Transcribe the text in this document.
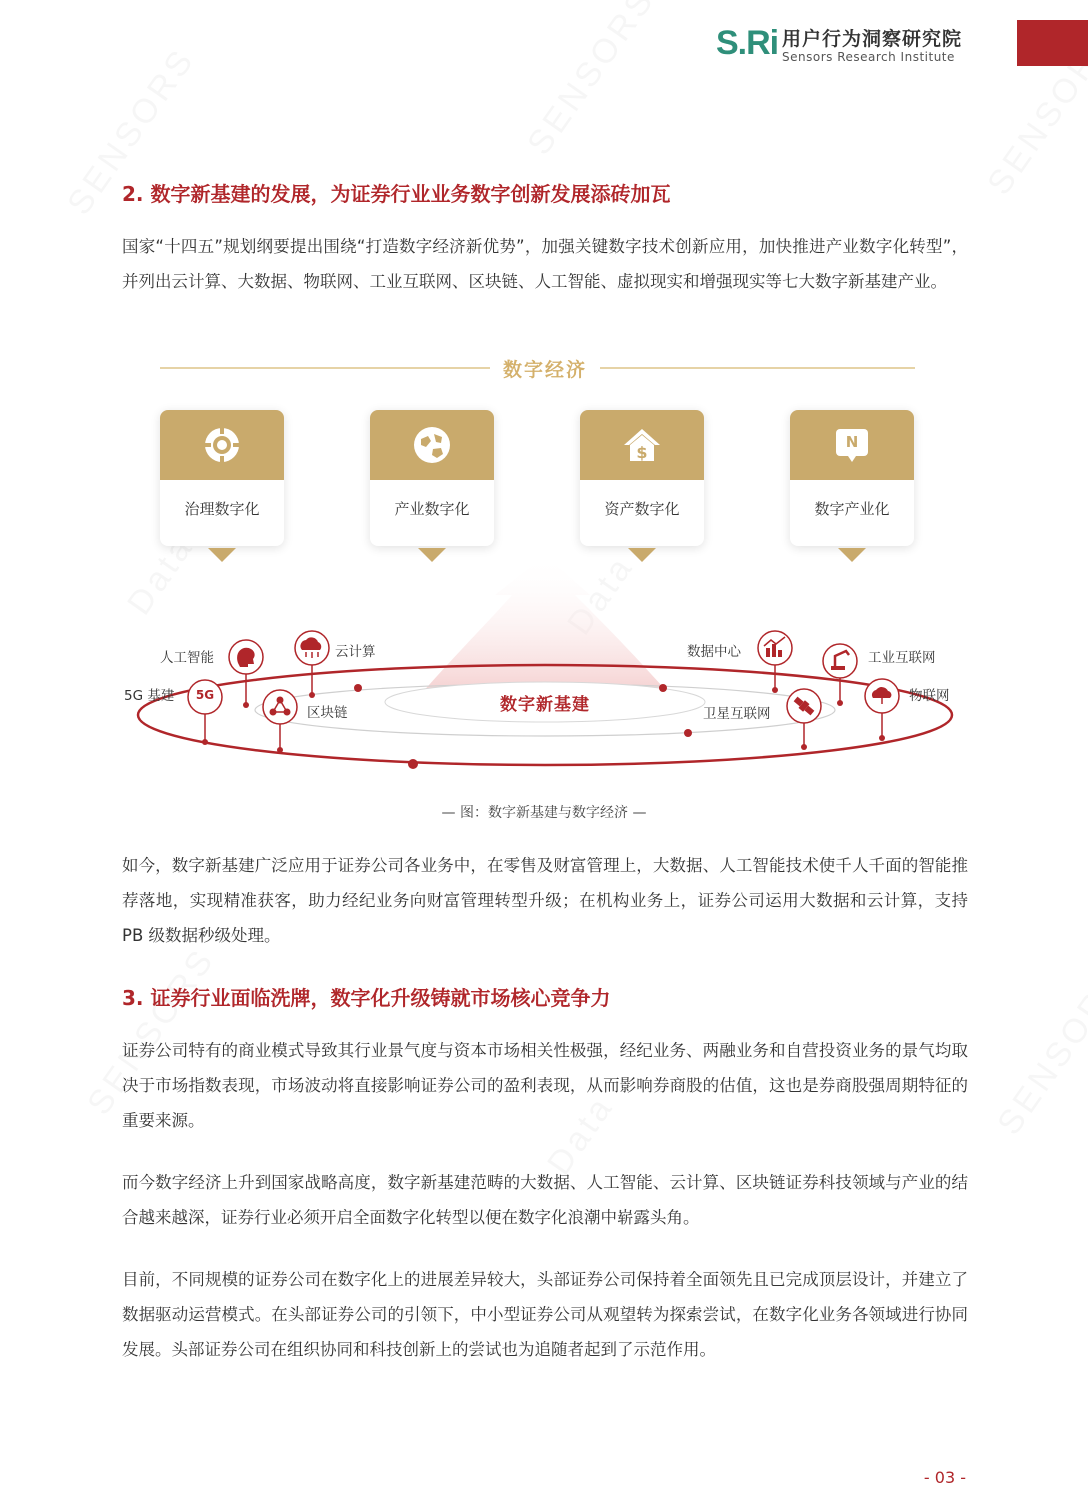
S.Ri 用户行为洞察研究院
Sensors Research Institute
2. 数字新基建的发展，为证券行业业务数字创新发展添砖加瓦

国家“十四五”规划纲要提出围绕“打造数字经济新优势”，加强关键数字技术创新应用，加快推进产业数字化转型”，并列出云计算、大数据、物联网、工业互联网、区块链、人工智能、虚拟现实和增强现实等七大数字新基建产业。

数字经济
5G
治理数字化	产业数字化
$
资产数字化
N
数字产业化
人工智能	云计算
5G 基建
区块链
数据中心	工业互联网
物联网
卫星互联网
数字新基建
— 图：数字新基建与数字经济 —

如今，数字新基建广泛应用于证券公司各业务中，在零售及财富管理上，大数据、人工智能技术使千人千面的智能推荐落地，实现精准获客，助力经纪业务向财富管理转型升级；在机构业务上，证券公司运用大数据和云计算，支持 PB 级数据秒级处理。

3. 证券行业面临洗牌，数字化升级铸就市场核心竞争力

证券公司特有的商业模式导致其行业景气度与资本市场相关性极强，经纪业务、两融业务和自营投资业务的景气均取决于市场指数表现，市场波动将直接影响证券公司的盈利表现，从而影响券商股的估值，这也是券商股强周期特征的重要来源。

而今数字经济上升到国家战略高度，数字新基建范畴的大数据、人工智能、云计算、区块链证券科技领域与产业的结合越来越深，证券行业必须开启全面数字化转型以便在数字化浪潮中崭露头角。

目前，不同规模的证券公司在数字化上的进展差异较大，头部证券公司保持着全面领先且已完成顶层设计，并建立了数据驱动运营模式。在头部证券公司的引领下，中小型证券公司从观望转为探索尝试，在数字化业务各领域进行协同发展。头部证券公司在组织协同和科技创新上的尝试也为追随者起到了示范作用。

- 03 -
